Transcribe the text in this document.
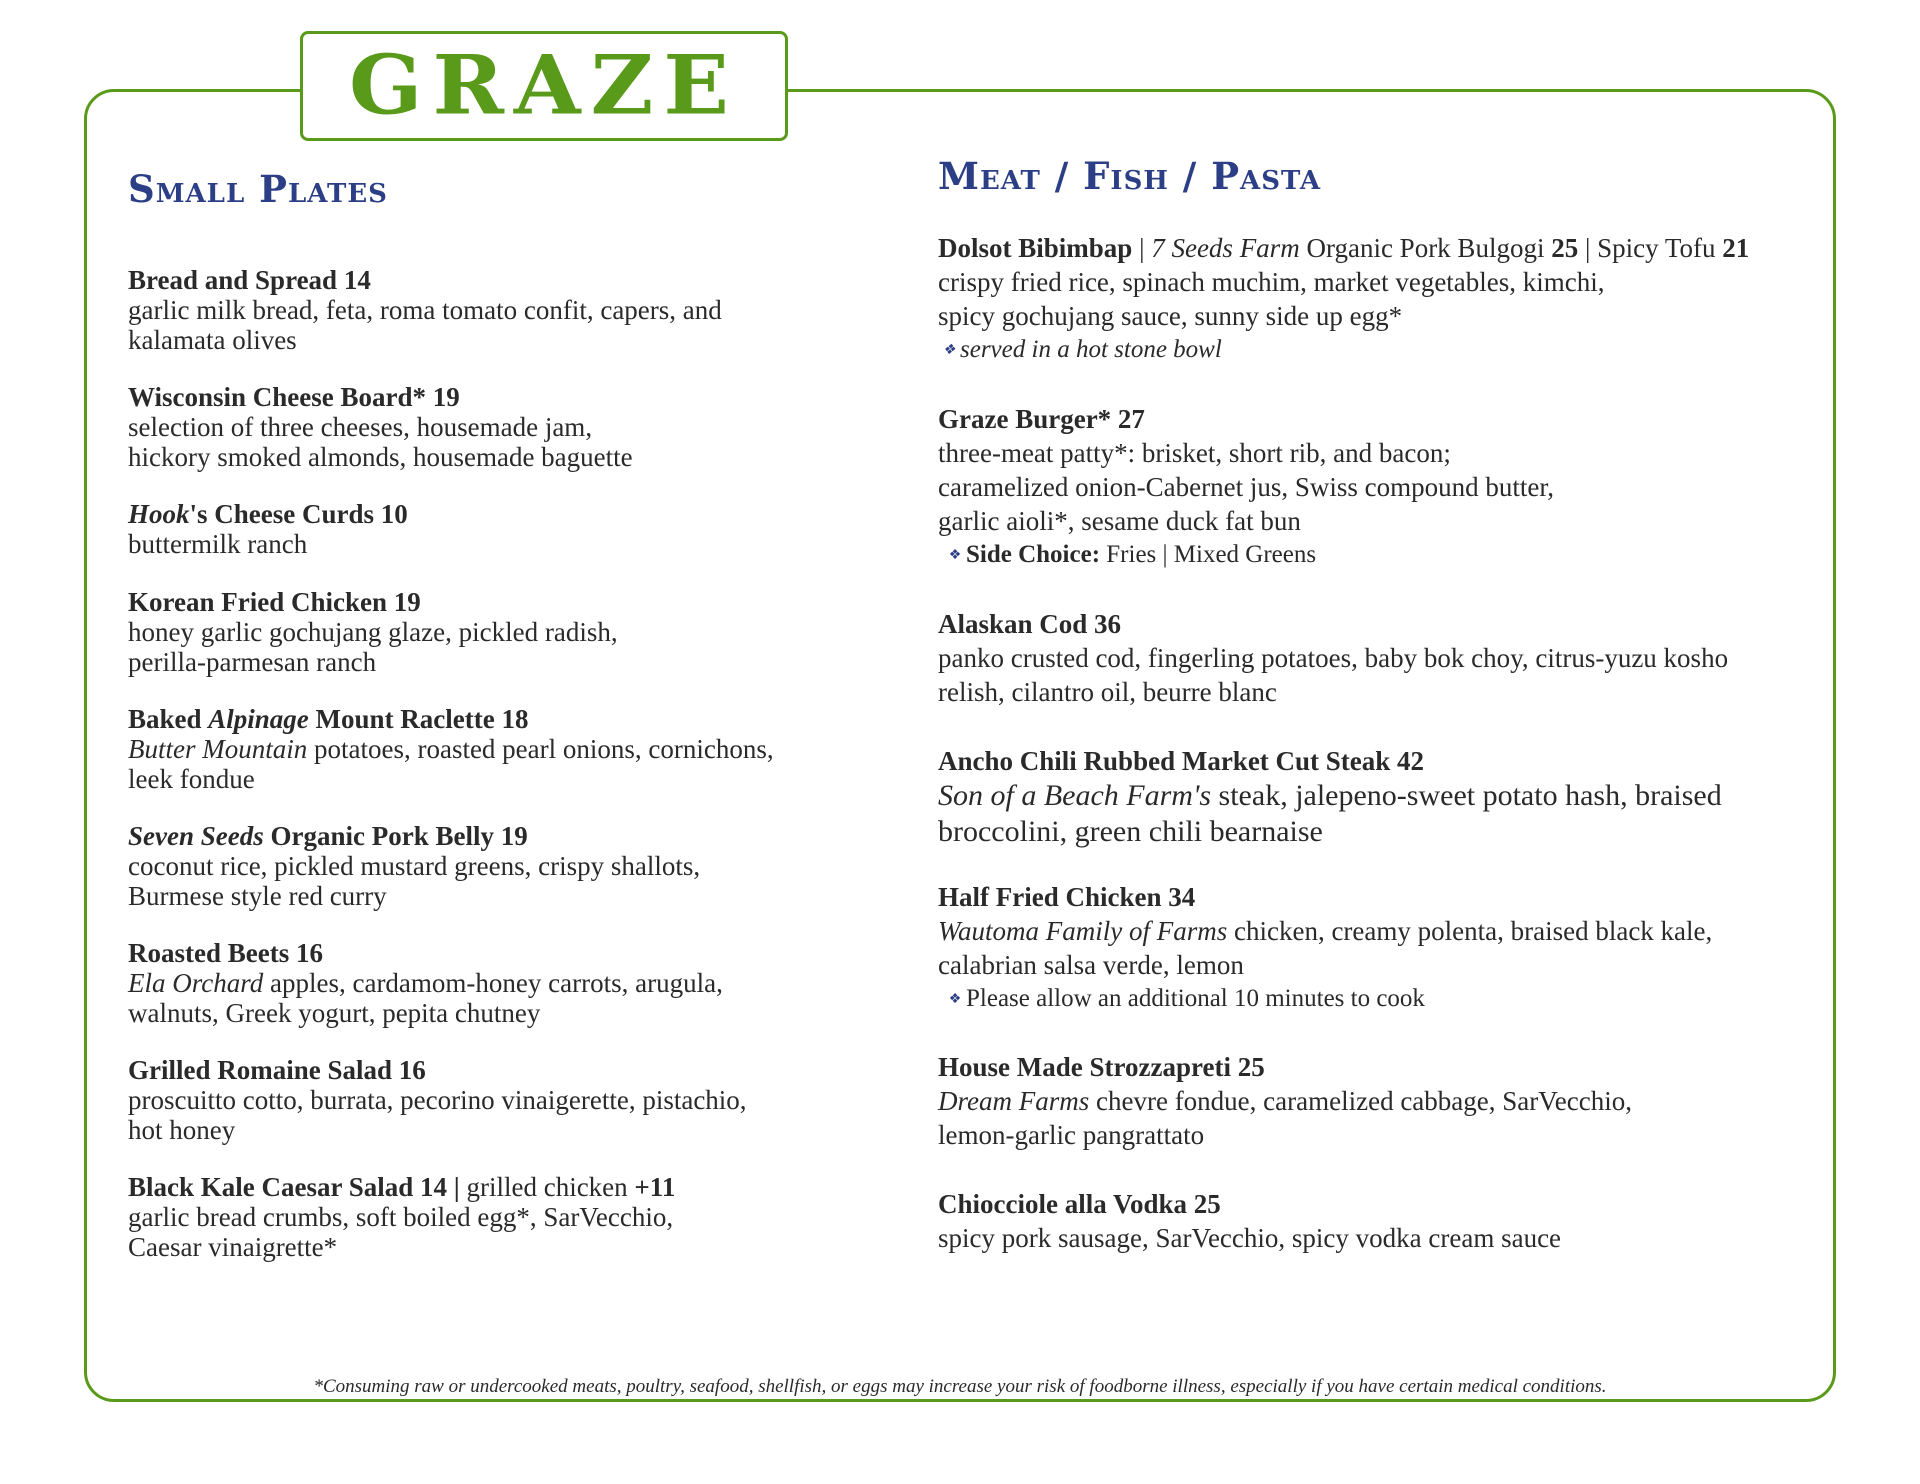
GRAZE
Small Plates
Bread and Spread 14
garlic milk bread, feta, roma tomato confit, capers, and
kalamata olives
Wisconsin Cheese Board* 19
selection of three cheeses, housemade jam,
hickory smoked almonds, housemade baguette
Hook's Cheese Curds 10
buttermilk ranch
Korean Fried Chicken 19
honey garlic gochujang glaze, pickled radish,
perilla-parmesan ranch
Baked Alpinage Mount Raclette 18
Butter Mountain potatoes, roasted pearl onions, cornichons,
leek fondue
Seven Seeds Organic Pork Belly 19
coconut rice, pickled mustard greens, crispy shallots,
Burmese style red curry
Roasted Beets 16
Ela Orchard apples, cardamom-honey carrots, arugula,
walnuts, Greek yogurt, pepita chutney
Grilled Romaine Salad 16
proscuitto cotto, burrata, pecorino vinaigerette, pistachio,
hot honey
Black Kale Caesar Salad 14 | grilled chicken +11
garlic bread crumbs, soft boiled egg*, SarVecchio,
Caesar vinaigrette*
Meat / Fish / Pasta
Dolsot Bibimbap | 7 Seeds Farm Organic Pork Bulgogi 25 | Spicy Tofu 21
crispy fried rice, spinach muchim, market vegetables, kimchi,
spicy gochujang sauce, sunny side up egg*
❖ served in a hot stone bowl
Graze Burger* 27
three-meat patty*: brisket, short rib, and bacon;
caramelized onion-Cabernet jus, Swiss compound butter,
garlic aioli*, sesame duck fat bun
❖ Side Choice: Fries | Mixed Greens
Alaskan Cod 36
panko crusted cod, fingerling potatoes, baby bok choy, citrus-yuzu kosho
relish, cilantro oil, beurre blanc
Ancho Chili Rubbed Market Cut Steak 42
Son of a Beach Farm's steak, jalepeno-sweet potato hash, braised
broccolini, green chili bearnaise
Half Fried Chicken 34
Wautoma Family of Farms chicken, creamy polenta, braised black kale,
calabrian salsa verde, lemon
❖ Please allow an additional 10 minutes to cook
House Made Strozzapreti 25
Dream Farms chevre fondue, caramelized cabbage, SarVecchio,
lemon-garlic pangrattato
Chiocciole alla Vodka 25
spicy pork sausage, SarVecchio, spicy vodka cream sauce
*Consuming raw or undercooked meats, poultry, seafood, shellfish, or eggs may increase your risk of foodborne illness, especially if you have certain medical conditions.
